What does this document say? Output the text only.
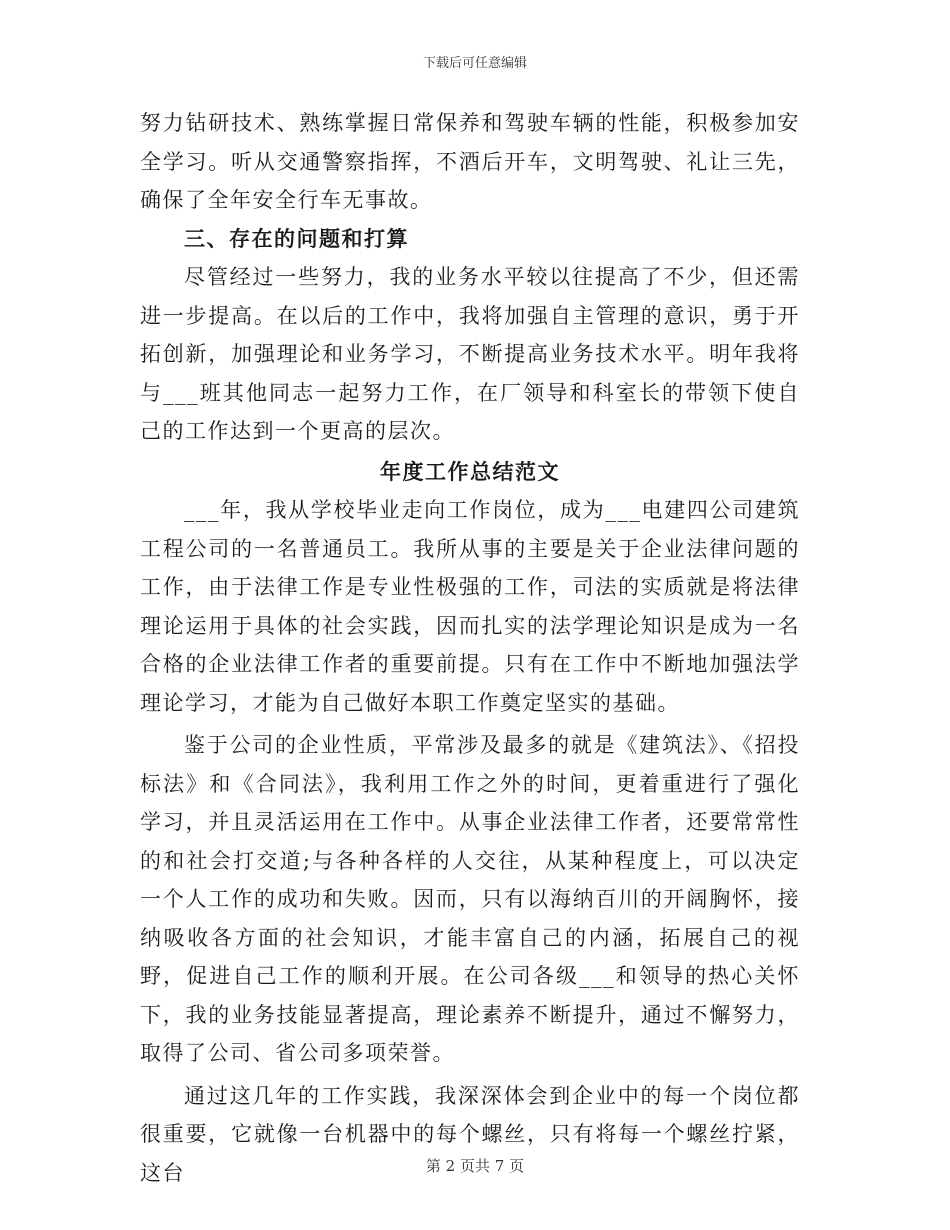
下载后可任意编辑

努力钻研技术、熟练掌握日常保养和驾驶车辆的性能，积极参加安全学习。听从交通警察指挥，不酒后开车，文明驾驶、礼让三先，确保了全年安全行车无事故。

三、存在的问题和打算

尽管经过一些努力，我的业务水平较以往提高了不少，但还需进一步提高。在以后的工作中，我将加强自主管理的意识，勇于开拓创新，加强理论和业务学习，不断提高业务技术水平。明年我将与___班其他同志一起努力工作，在厂领导和科室长的带领下使自己的工作达到一个更高的层次。

年度工作总结范文

___年，我从学校毕业走向工作岗位，成为___电建四公司建筑工程公司的一名普通员工。我所从事的主要是关于企业法律问题的工作，由于法律工作是专业性极强的工作，司法的实质就是将法律理论运用于具体的社会实践，因而扎实的法学理论知识是成为一名合格的企业法律工作者的重要前提。只有在工作中不断地加强法学理论学习，才能为自己做好本职工作奠定坚实的基础。

鉴于公司的企业性质，平常涉及最多的就是《建筑法》、《招投标法》和《合同法》，我利用工作之外的时间，更着重进行了强化学习，并且灵活运用在工作中。从事企业法律工作者，还要常常性的和社会打交道;与各种各样的人交往，从某种程度上，可以决定一个人工作的成功和失败。因而，只有以海纳百川的开阔胸怀，接纳吸收各方面的社会知识，才能丰富自己的内涵，拓展自己的视野，促进自己工作的顺利开展。在公司各级___和领导的热心关怀下，我的业务技能显著提高，理论素养不断提升，通过不懈努力，取得了公司、省公司多项荣誉。

通过这几年的工作实践，我深深体会到企业中的每一个岗位都很重要，它就像一台机器中的每个螺丝，只有将每一个螺丝拧紧，这台	第 2 页共 7 页
